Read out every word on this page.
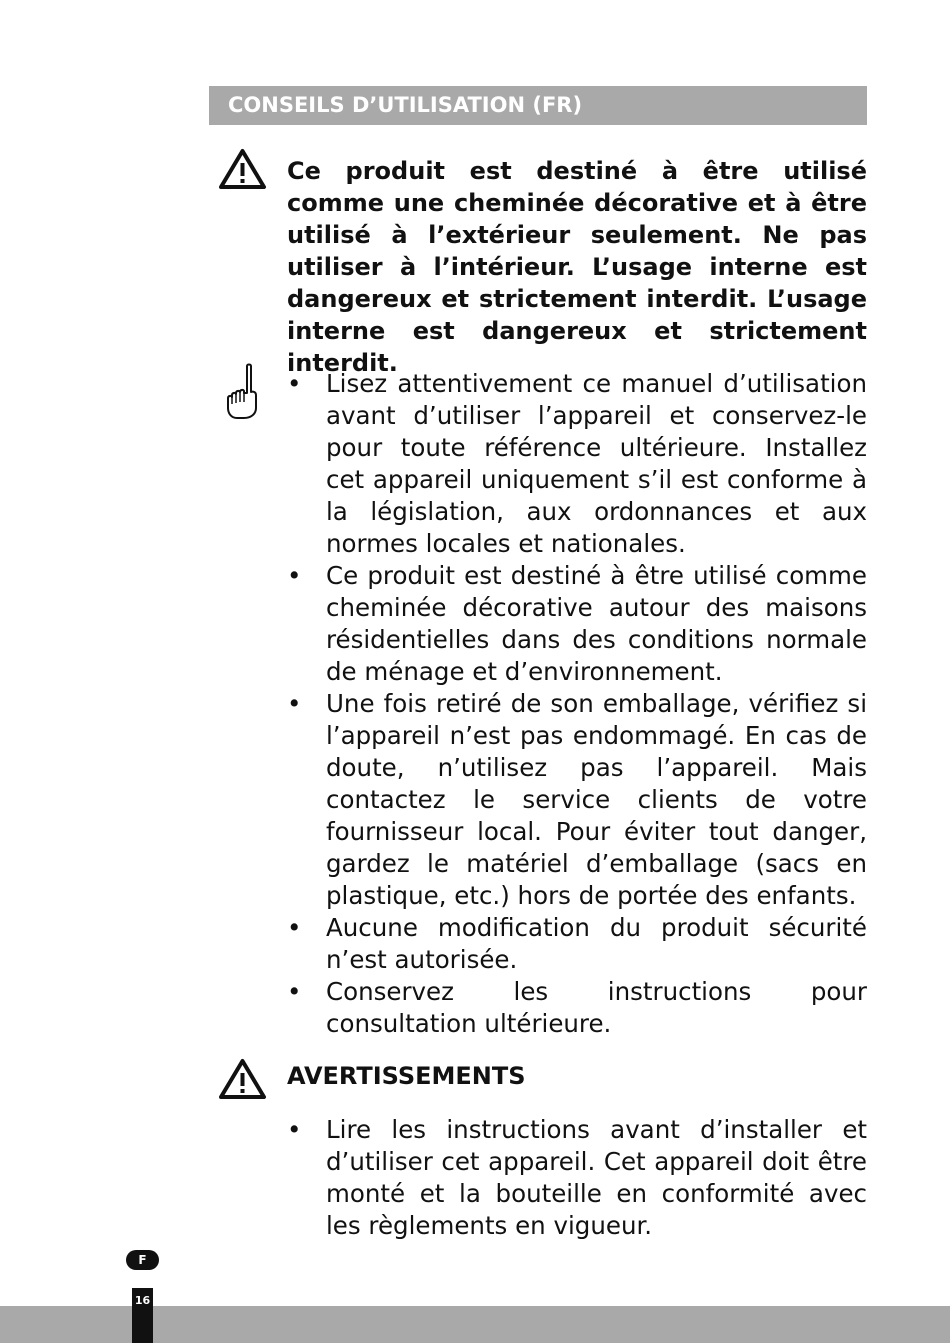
CONSEILS D’UTILISATION (FR)

Ce produit est destiné à être utilisé comme une cheminée décorative et à être utilisé à l’extérieur seulement. Ne pas utiliser à l’intérieur. L’usage interne est dangereux et strictement interdit. L’usage interne est dangereux et strictement interdit.

• Lisez attentivement ce manuel d’utilisation avant d’utiliser l’appareil et conservez-le pour toute référence ultérieure. Installez cet appareil uniquement s’il est conforme à la législation, aux ordonnances et aux normes locales et nationales.
• Ce produit est destiné à être utilisé comme cheminée décorative autour des maisons résidentielles dans des conditions normale de ménage et d’environnement.
• Une fois retiré de son emballage, vérifiez si l’appareil n’est pas endommagé. En cas de doute, n’utilisez pas l’appareil. Mais contactez le service clients de votre fournisseur local. Pour éviter tout danger, gardez le matériel d’emballage (sacs en plastique, etc.) hors de portée des enfants.
• Aucune modification du produit sécurité n’est autorisée.
• Conservez les instructions pour consultation ultérieure.

AVERTISSEMENTS

• Lire les instructions avant d’installer et d’utiliser cet appareil. Cet appareil doit être monté et la bouteille en conformité avec les règlements en vigueur.
F
16
